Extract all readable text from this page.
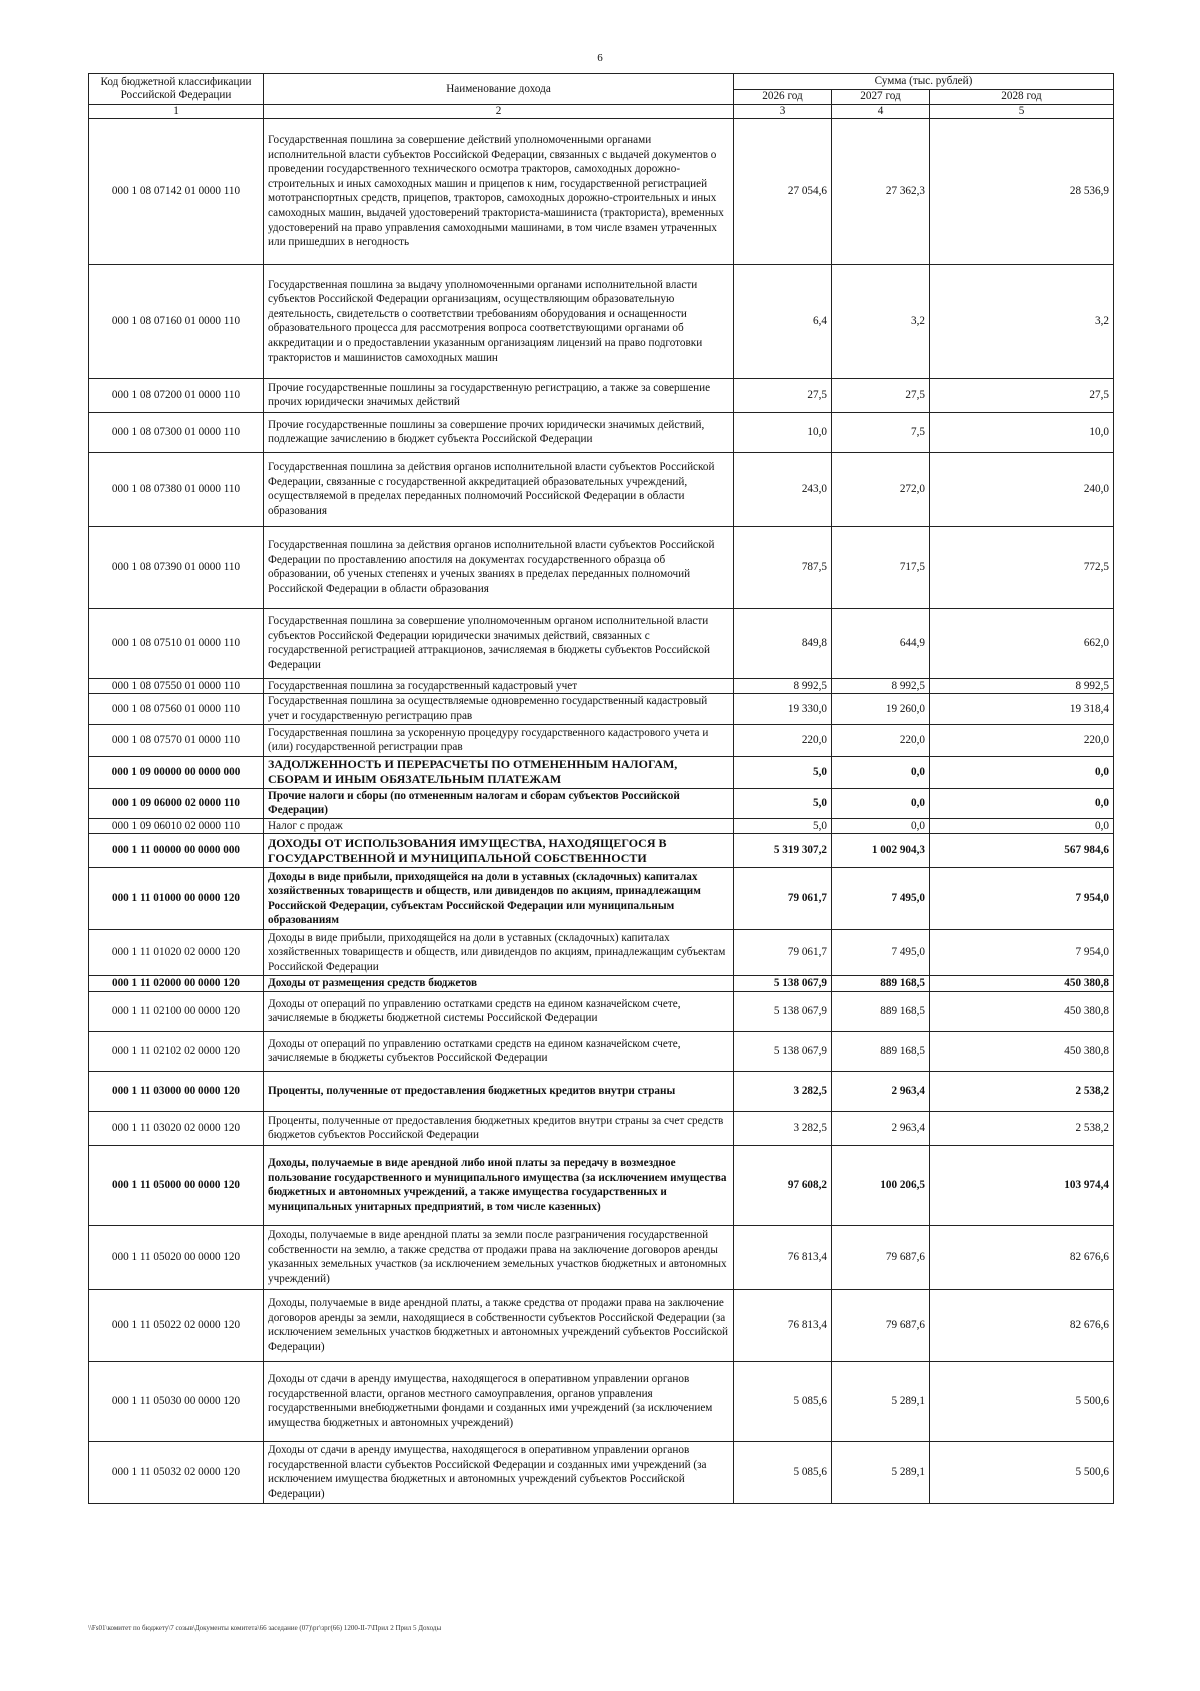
6
Код бюджетной классификации Российской Федерации	Наименование дохода	Сумма (тыс. рублей)		
		2026 год	2027 год	2028 год
1	2	3	4	5
000 1 08 07142 01 0000 110	Государственная пошлина за совершение действий уполномоченными органами исполнительной власти субъектов Российской Федерации, связанных с выдачей документов о проведении государственного технического осмотра тракторов, самоходных дорожно-строительных и иных самоходных машин и прицепов к ним, государственной регистрацией мототранспортных средств, прицепов, тракторов, самоходных дорожно-строительных и иных самоходных машин, выдачей удостоверений тракториста-машиниста (тракториста), временных удостоверений на право управления самоходными машинами, в том числе взамен утраченных или пришедших в негодность	27 054,6	27 362,3	28 536,9
000 1 08 07160 01 0000 110	Государственная пошлина за выдачу уполномоченными органами исполнительной власти субъектов Российской Федерации организациям, осуществляющим образовательную деятельность, свидетельств о соответствии требованиям оборудования и оснащенности образовательного процесса для рассмотрения вопроса соответствующими органами об аккредитации и о предоставлении указанным организациям лицензий на право подготовки трактористов и машинистов самоходных машин	6,4	3,2	3,2
000 1 08 07200 01 0000 110	Прочие государственные пошлины за государственную регистрацию, а также за совершение прочих юридически значимых действий	27,5	27,5	27,5
000 1 08 07300 01 0000 110	Прочие государственные пошлины за совершение прочих юридически значимых действий, подлежащие зачислению в бюджет субъекта Российской Федерации	10,0	7,5	10,0
000 1 08 07380 01 0000 110	Государственная пошлина за действия органов исполнительной власти субъектов Российской Федерации, связанные с государственной аккредитацией образовательных учреждений, осуществляемой в пределах переданных полномочий Российской Федерации в области образования	243,0	272,0	240,0
000 1 08 07390 01 0000 110	Государственная пошлина за действия органов исполнительной власти субъектов Российской Федерации по проставлению апостиля на документах государственного образца об образовании, об ученых степенях и ученых званиях в пределах переданных полномочий Российской Федерации в области образования	787,5	717,5	772,5
000 1 08 07510 01 0000 110	Государственная пошлина за совершение уполномоченным органом исполнительной власти субъектов Российской Федерации юридически значимых действий, связанных с государственной регистрацией аттракционов, зачисляемая в бюджеты субъектов Российской Федерации	849,8	644,9	662,0
000 1 08 07550 01 0000 110	Государственная пошлина за государственный кадастровый учет	8 992,5	8 992,5	8 992,5
000 1 08 07560 01 0000 110	Государственная пошлина за осуществляемые одновременно государственный кадастровый учет и государственную регистрацию прав	19 330,0	19 260,0	19 318,4
000 1 08 07570 01 0000 110	Государственная пошлина за ускоренную процедуру государственного кадастрового учета и (или) государственной регистрации прав	220,0	220,0	220,0
000 1 09 00000 00 0000 000	ЗАДОЛЖЕННОСТЬ И ПЕРЕРАСЧЕТЫ ПО ОТМЕНЕННЫМ НАЛОГАМ, СБОРАМ И ИНЫМ ОБЯЗАТЕЛЬНЫМ ПЛАТЕЖАМ	5,0	0,0	0,0
000 1 09 06000 02 0000 110	Прочие налоги и сборы (по отмененным налогам и сборам субъектов Российской Федерации)	5,0	0,0	0,0
000 1 09 06010 02 0000 110	Налог с продаж	5,0	0,0	0,0
000 1 11 00000 00 0000 000	ДОХОДЫ ОТ ИСПОЛЬЗОВАНИЯ ИМУЩЕСТВА, НАХОДЯЩЕГОСЯ В ГОСУДАРСТВЕННОЙ И МУНИЦИПАЛЬНОЙ СОБСТВЕННОСТИ	5 319 307,2	1 002 904,3	567 984,6
000 1 11 01000 00 0000 120	Доходы в виде прибыли, приходящейся на доли в уставных (складочных) капиталах хозяйственных товариществ и обществ, или дивидендов по акциям, принадлежащим Российской Федерации, субъектам Российской Федерации или муниципальным образованиям	79 061,7	7 495,0	7 954,0
000 1 11 01020 02 0000 120	Доходы в виде прибыли, приходящейся на доли в уставных (складочных) капиталах хозяйственных товариществ и обществ, или дивидендов по акциям, принадлежащим субъектам Российской Федерации	79 061,7	7 495,0	7 954,0
000 1 11 02000 00 0000 120	Доходы от размещения средств бюджетов	5 138 067,9	889 168,5	450 380,8
000 1 11 02100 00 0000 120	Доходы от операций по управлению остатками средств на едином казначейском счете, зачисляемые в бюджеты бюджетной системы Российской Федерации	5 138 067,9	889 168,5	450 380,8
000 1 11 02102 02 0000 120	Доходы от операций по управлению остатками средств на едином казначейском счете, зачисляемые в бюджеты субъектов Российской Федерации	5 138 067,9	889 168,5	450 380,8
000 1 11 03000 00 0000 120	Проценты, полученные от предоставления бюджетных кредитов внутри страны	3 282,5	2 963,4	2 538,2
000 1 11 03020 02 0000 120	Проценты, полученные от предоставления бюджетных кредитов внутри страны за счет средств бюджетов субъектов Российской Федерации	3 282,5	2 963,4	2 538,2
000 1 11 05000 00 0000 120	Доходы, получаемые в виде арендной либо иной платы за передачу в возмездное пользование государственного и муниципального имущества (за исключением имущества бюджетных и автономных учреждений, а также имущества государственных и муниципальных унитарных предприятий, в том числе казенных)	97 608,2	100 206,5	103 974,4
000 1 11 05020 00 0000 120	Доходы, получаемые в виде арендной платы за земли после разграничения государственной собственности на землю, а также средства от продажи права на заключение договоров аренды указанных земельных участков (за исключением земельных участков бюджетных и автономных учреждений)	76 813,4	79 687,6	82 676,6
000 1 11 05022 02 0000 120	Доходы, получаемые в виде арендной платы, а также средства от продажи права на заключение договоров аренды за земли, находящиеся в собственности субъектов Российской Федерации (за исключением земельных участков бюджетных и автономных учреждений субъектов Российской Федерации)	76 813,4	79 687,6	82 676,6
000 1 11 05030 00 0000 120	Доходы от сдачи в аренду имущества, находящегося в оперативном управлении органов государственной власти, органов местного самоуправления, органов управления государственными внебюджетными фондами и созданных ими учреждений (за исключением имущества бюджетных и автономных учреждений)	5 085,6	5 289,1	5 500,6
000 1 11 05032 02 0000 120	Доходы от сдачи в аренду имущества, находящегося в оперативном управлении органов государственной власти субъектов Российской Федерации и созданных ими учреждений (за исключением имущества бюджетных и автономных учреждений субъектов Российской Федерации)	5 085,6	5 289,1	5 500,6
\\Fs01\комитет по бюджету\7 созыв\Документы комитета\66 заседание (07)\рг\зрг(66) 1200-II-7\Прил 2 Прил 5 Доходы
